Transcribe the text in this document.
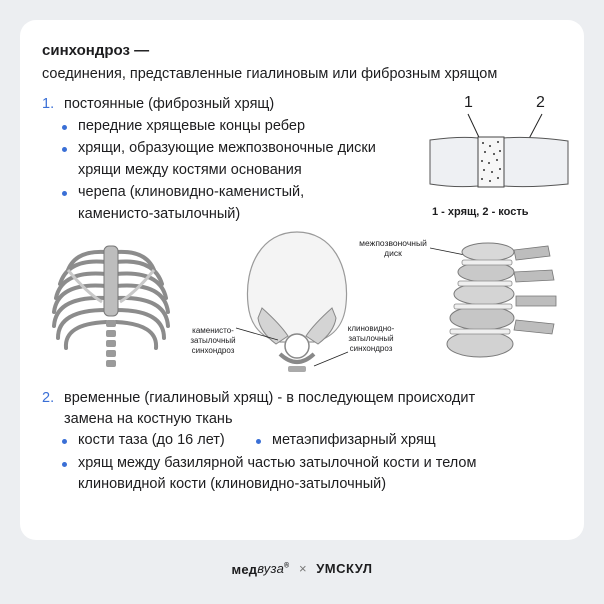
синхондроз —
соединения, представленные гиалиновым или фиброзным хрящом
1. постоянные (фиброзный хрящ)
передние хрящевые концы ребер
хрящи, образующие межпозвоночные диски
хрящи между костями основания
черепа (клиновидно-каменистый,
каменисто-затылочный)
1	2
1 - хрящ, 2 - кость
каменисто-
затылочный
синхондроз
клиновидно-
затылочный
синхондроз
межпозвоночный
диск
2. временные (гиалиновый хрящ) - в последующем происходит
замена на костную ткань
кости таза (до 16 лет)	метаэпифизарный хрящ
хрящ между базилярной частью затылочной кости и телом
клиновидной кости (клиновидно-затылочный)
медвуза® × УМСКУЛ
